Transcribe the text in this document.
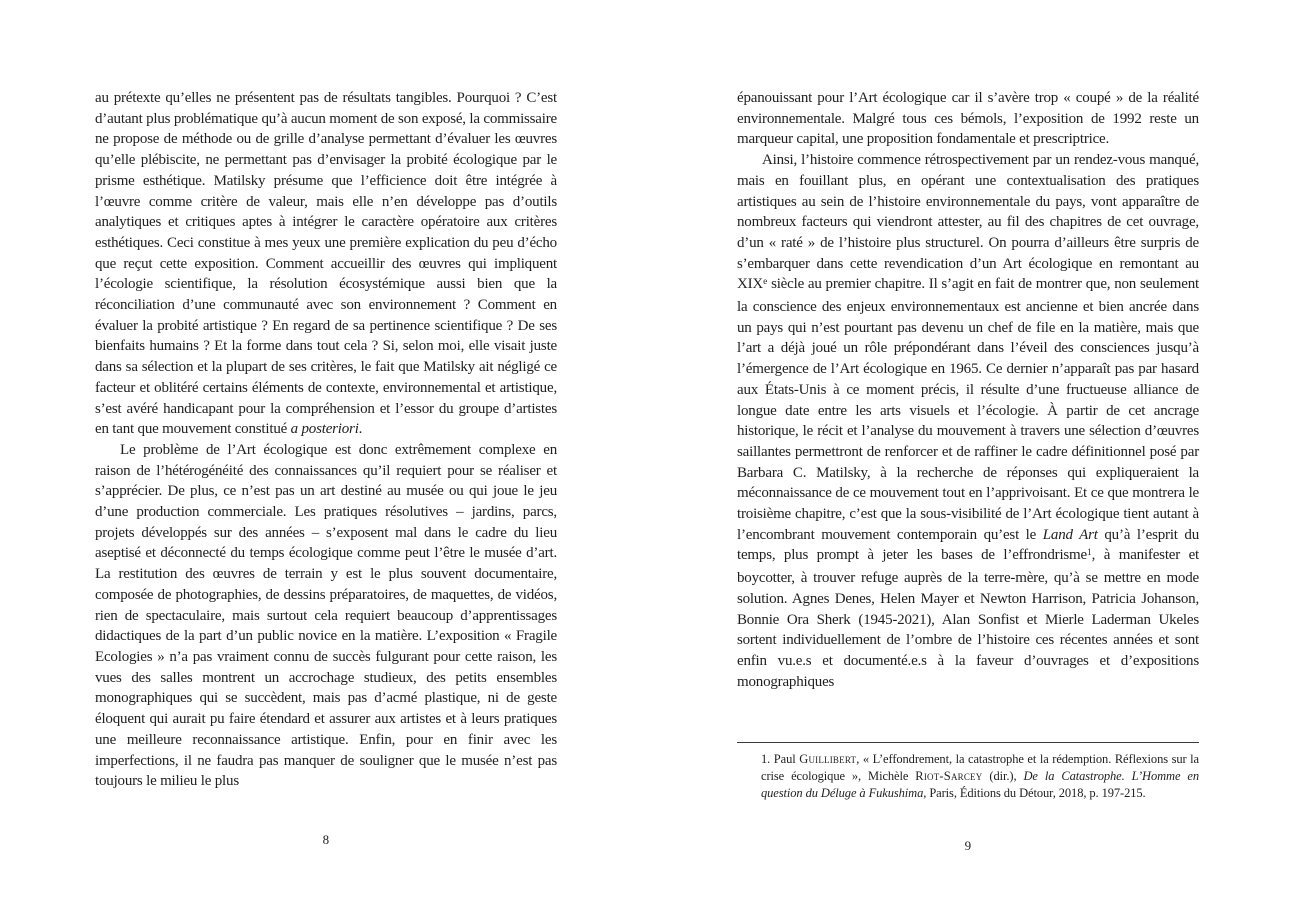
au prétexte qu’elles ne présentent pas de résultats tangibles. Pourquoi ? C’est d’autant plus problématique qu’à aucun moment de son exposé, la commissaire ne propose de méthode ou de grille d’analyse permettant d’évaluer les œuvres qu’elle plébiscite, ne permettant pas d’envisager la probité écologique par le prisme esthétique. Matilsky présume que l’efficience doit être intégrée à l’œuvre comme critère de valeur, mais elle n’en développe pas d’outils analytiques et critiques aptes à intégrer le caractère opératoire aux critères esthétiques. Ceci constitue à mes yeux une première explication du peu d’écho que reçut cette exposition. Comment accueillir des œuvres qui impliquent l’écologie scientifique, la résolution écosystémique aussi bien que la réconciliation d’une communauté avec son environnement ? Comment en évaluer la probité artistique ? En regard de sa pertinence scientifique ? De ses bienfaits humains ? Et la forme dans tout cela ? Si, selon moi, elle visait juste dans sa sélection et la plupart de ses critères, le fait que Matilsky ait négligé ce facteur et oblitéré certains éléments de contexte, environnemental et artistique, s’est avéré handicapant pour la compréhension et l’essor du groupe d’artistes en tant que mouvement constitué a posteriori.

Le problème de l’Art écologique est donc extrêmement complexe en raison de l’hétérogénéité des connaissances qu’il requiert pour se réaliser et s’apprécier. De plus, ce n’est pas un art destiné au musée ou qui joue le jeu d’une production commerciale. Les pratiques résolutives – jardins, parcs, projets développés sur des années – s’exposent mal dans le cadre du lieu aseptisé et déconnecté du temps écologique comme peut l’être le musée d’art. La restitution des œuvres de terrain y est le plus souvent documentaire, composée de photographies, de dessins préparatoires, de maquettes, de vidéos, rien de spectaculaire, mais surtout cela requiert beaucoup d’apprentissages didactiques de la part d’un public novice en la matière. L’exposition « Fragile Ecologies » n’a pas vraiment connu de succès fulgurant pour cette raison, les vues des salles montrent un accrochage studieux, des petits ensembles monographiques qui se succèdent, mais pas d’acmé plastique, ni de geste éloquent qui aurait pu faire étendard et assurer aux artistes et à leurs pratiques une meilleure reconnaissance artistique. Enfin, pour en finir avec les imperfections, il ne faudra pas manquer de souligner que le musée n’est pas toujours le milieu le plus

8

épanouissant pour l’Art écologique car il s’avère trop « coupé » de la réalité environnementale. Malgré tous ces bémols, l’exposition de 1992 reste un marqueur capital, une proposition fondamentale et prescriptrice.

Ainsi, l’histoire commence rétrospectivement par un rendez-vous manqué, mais en fouillant plus, en opérant une contextualisation des pratiques artistiques au sein de l’histoire environnementale du pays, vont apparaître de nombreux facteurs qui viendront attester, au fil des chapitres de cet ouvrage, d’un « raté » de l’histoire plus structurel. On pourra d’ailleurs être surpris de s’embarquer dans cette revendication d’un Art écologique en remontant au XIXe siècle au premier chapitre. Il s’agit en fait de montrer que, non seulement la conscience des enjeux environnementaux est ancienne et bien ancrée dans un pays qui n’est pourtant pas devenu un chef de file en la matière, mais que l’art a déjà joué un rôle prépondérant dans l’éveil des consciences jusqu’à l’émergence de l’Art écologique en 1965. Ce dernier n’apparaît pas par hasard aux États-Unis à ce moment précis, il résulte d’une fructueuse alliance de longue date entre les arts visuels et l’écologie. À partir de cet ancrage historique, le récit et l’analyse du mouvement à travers une sélection d’œuvres saillantes permettront de renforcer et de raffiner le cadre définitionnel posé par Barbara C. Matilsky, à la recherche de réponses qui expliqueraient la méconnaissance de ce mouvement tout en l’apprivoisant. Et ce que montrera le troisième chapitre, c’est que la sous-visibilité de l’Art écologique tient autant à l’encombrant mouvement contemporain qu’est le Land Art qu’à l’esprit du temps, plus prompt à jeter les bases de l’effrondrisme$^1$, à manifester et boycotter, à trouver refuge auprès de la terre-mère, qu’à se mettre en mode solution. Agnes Denes, Helen Mayer et Newton Harrison, Patricia Johanson, Bonnie Ora Sherk (1945-2021), Alan Sonfist et Mierle Laderman Ukeles sortent individuellement de l’ombre de l’histoire ces récentes années et sont enfin vu.e.s et documenté.e.s à la faveur d’ouvrages et d’expositions monographiques

1. Paul Guillibert, « L’effondrement, la catastrophe et la rédemption. Réflexions sur la crise écologique », Michèle Riot-Sarcey (dir.), De la Catastrophe. L’Homme en question du Déluge à Fukushima, Paris, Éditions du Détour, 2018, p. 197-215.

9
